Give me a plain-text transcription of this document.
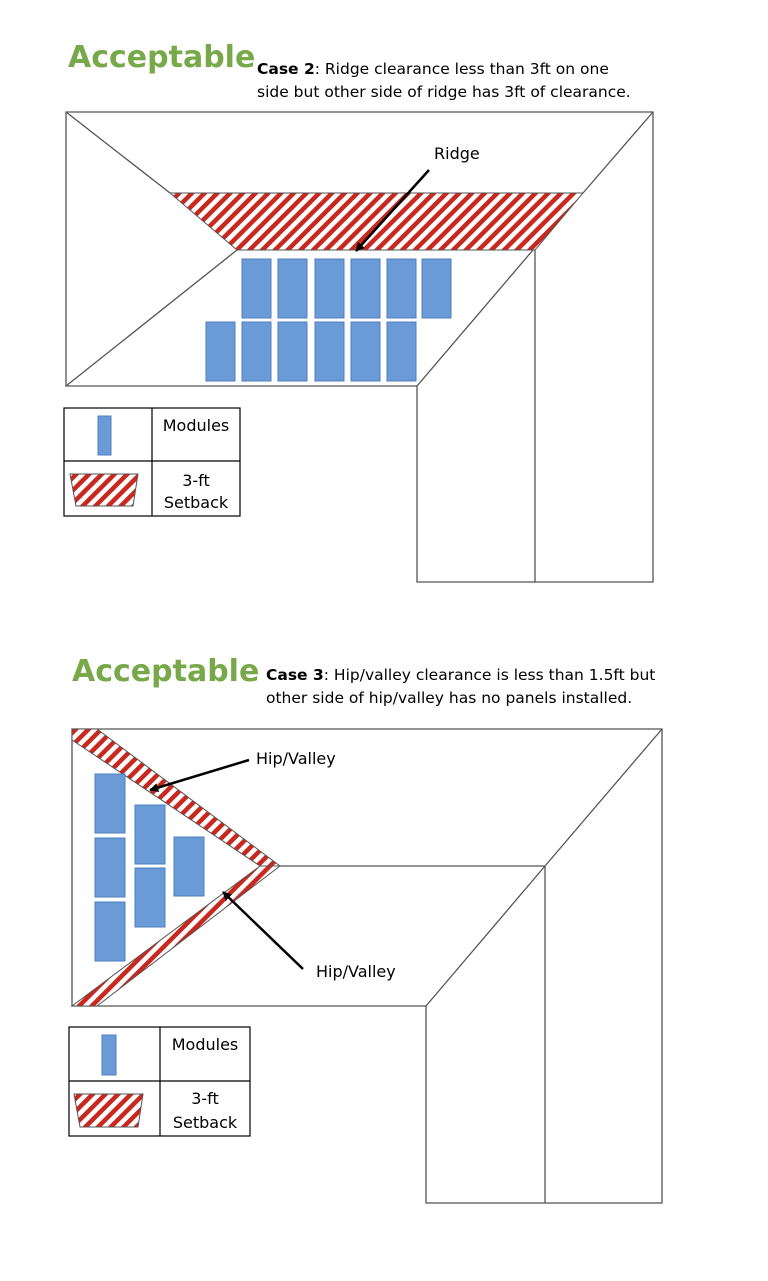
Acceptable Case 2: Ridge clearance less than 3ft on one
side but other side of ridge has 3ft of clearance.
Ridge
Modules
3-ft
Setback

Acceptable Case 3: Hip/valley clearance is less than 1.5ft but
other side of hip/valley has no panels installed.
Hip/Valley
Hip/Valley
Modules
3-ft
Setback
